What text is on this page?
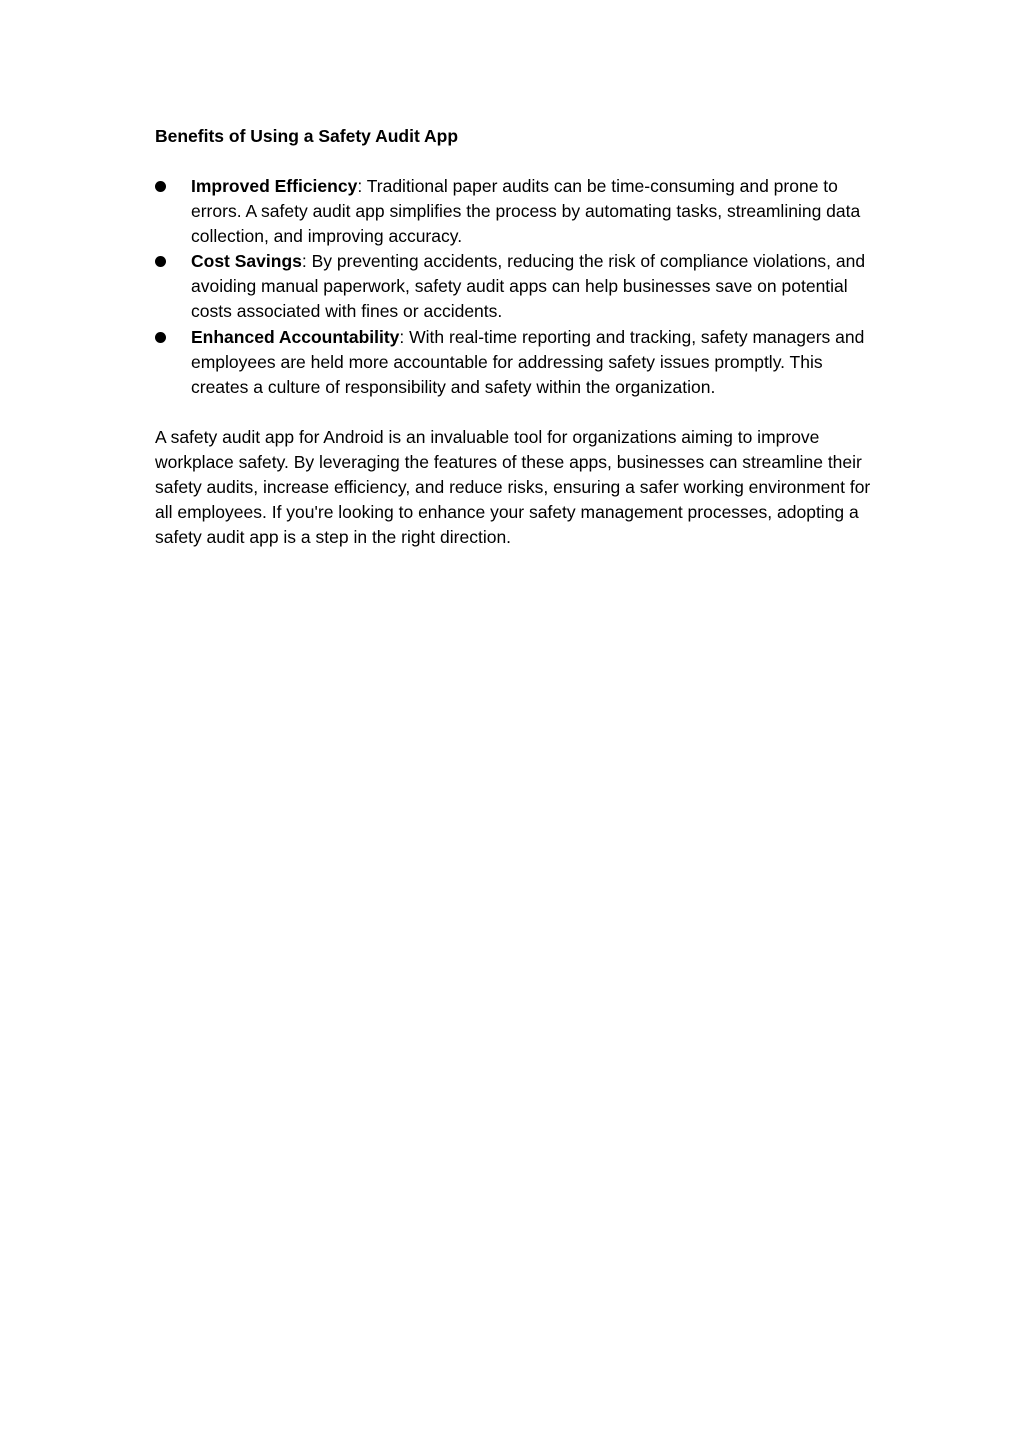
Benefits of Using a Safety Audit App
Improved Efficiency: Traditional paper audits can be time-consuming and prone to errors. A safety audit app simplifies the process by automating tasks, streamlining data collection, and improving accuracy.
Cost Savings: By preventing accidents, reducing the risk of compliance violations, and avoiding manual paperwork, safety audit apps can help businesses save on potential costs associated with fines or accidents.
Enhanced Accountability: With real-time reporting and tracking, safety managers and employees are held more accountable for addressing safety issues promptly. This creates a culture of responsibility and safety within the organization.

A safety audit app for Android is an invaluable tool for organizations aiming to improve workplace safety. By leveraging the features of these apps, businesses can streamline their safety audits, increase efficiency, and reduce risks, ensuring a safer working environment for all employees. If you're looking to enhance your safety management processes, adopting a safety audit app is a step in the right direction.
